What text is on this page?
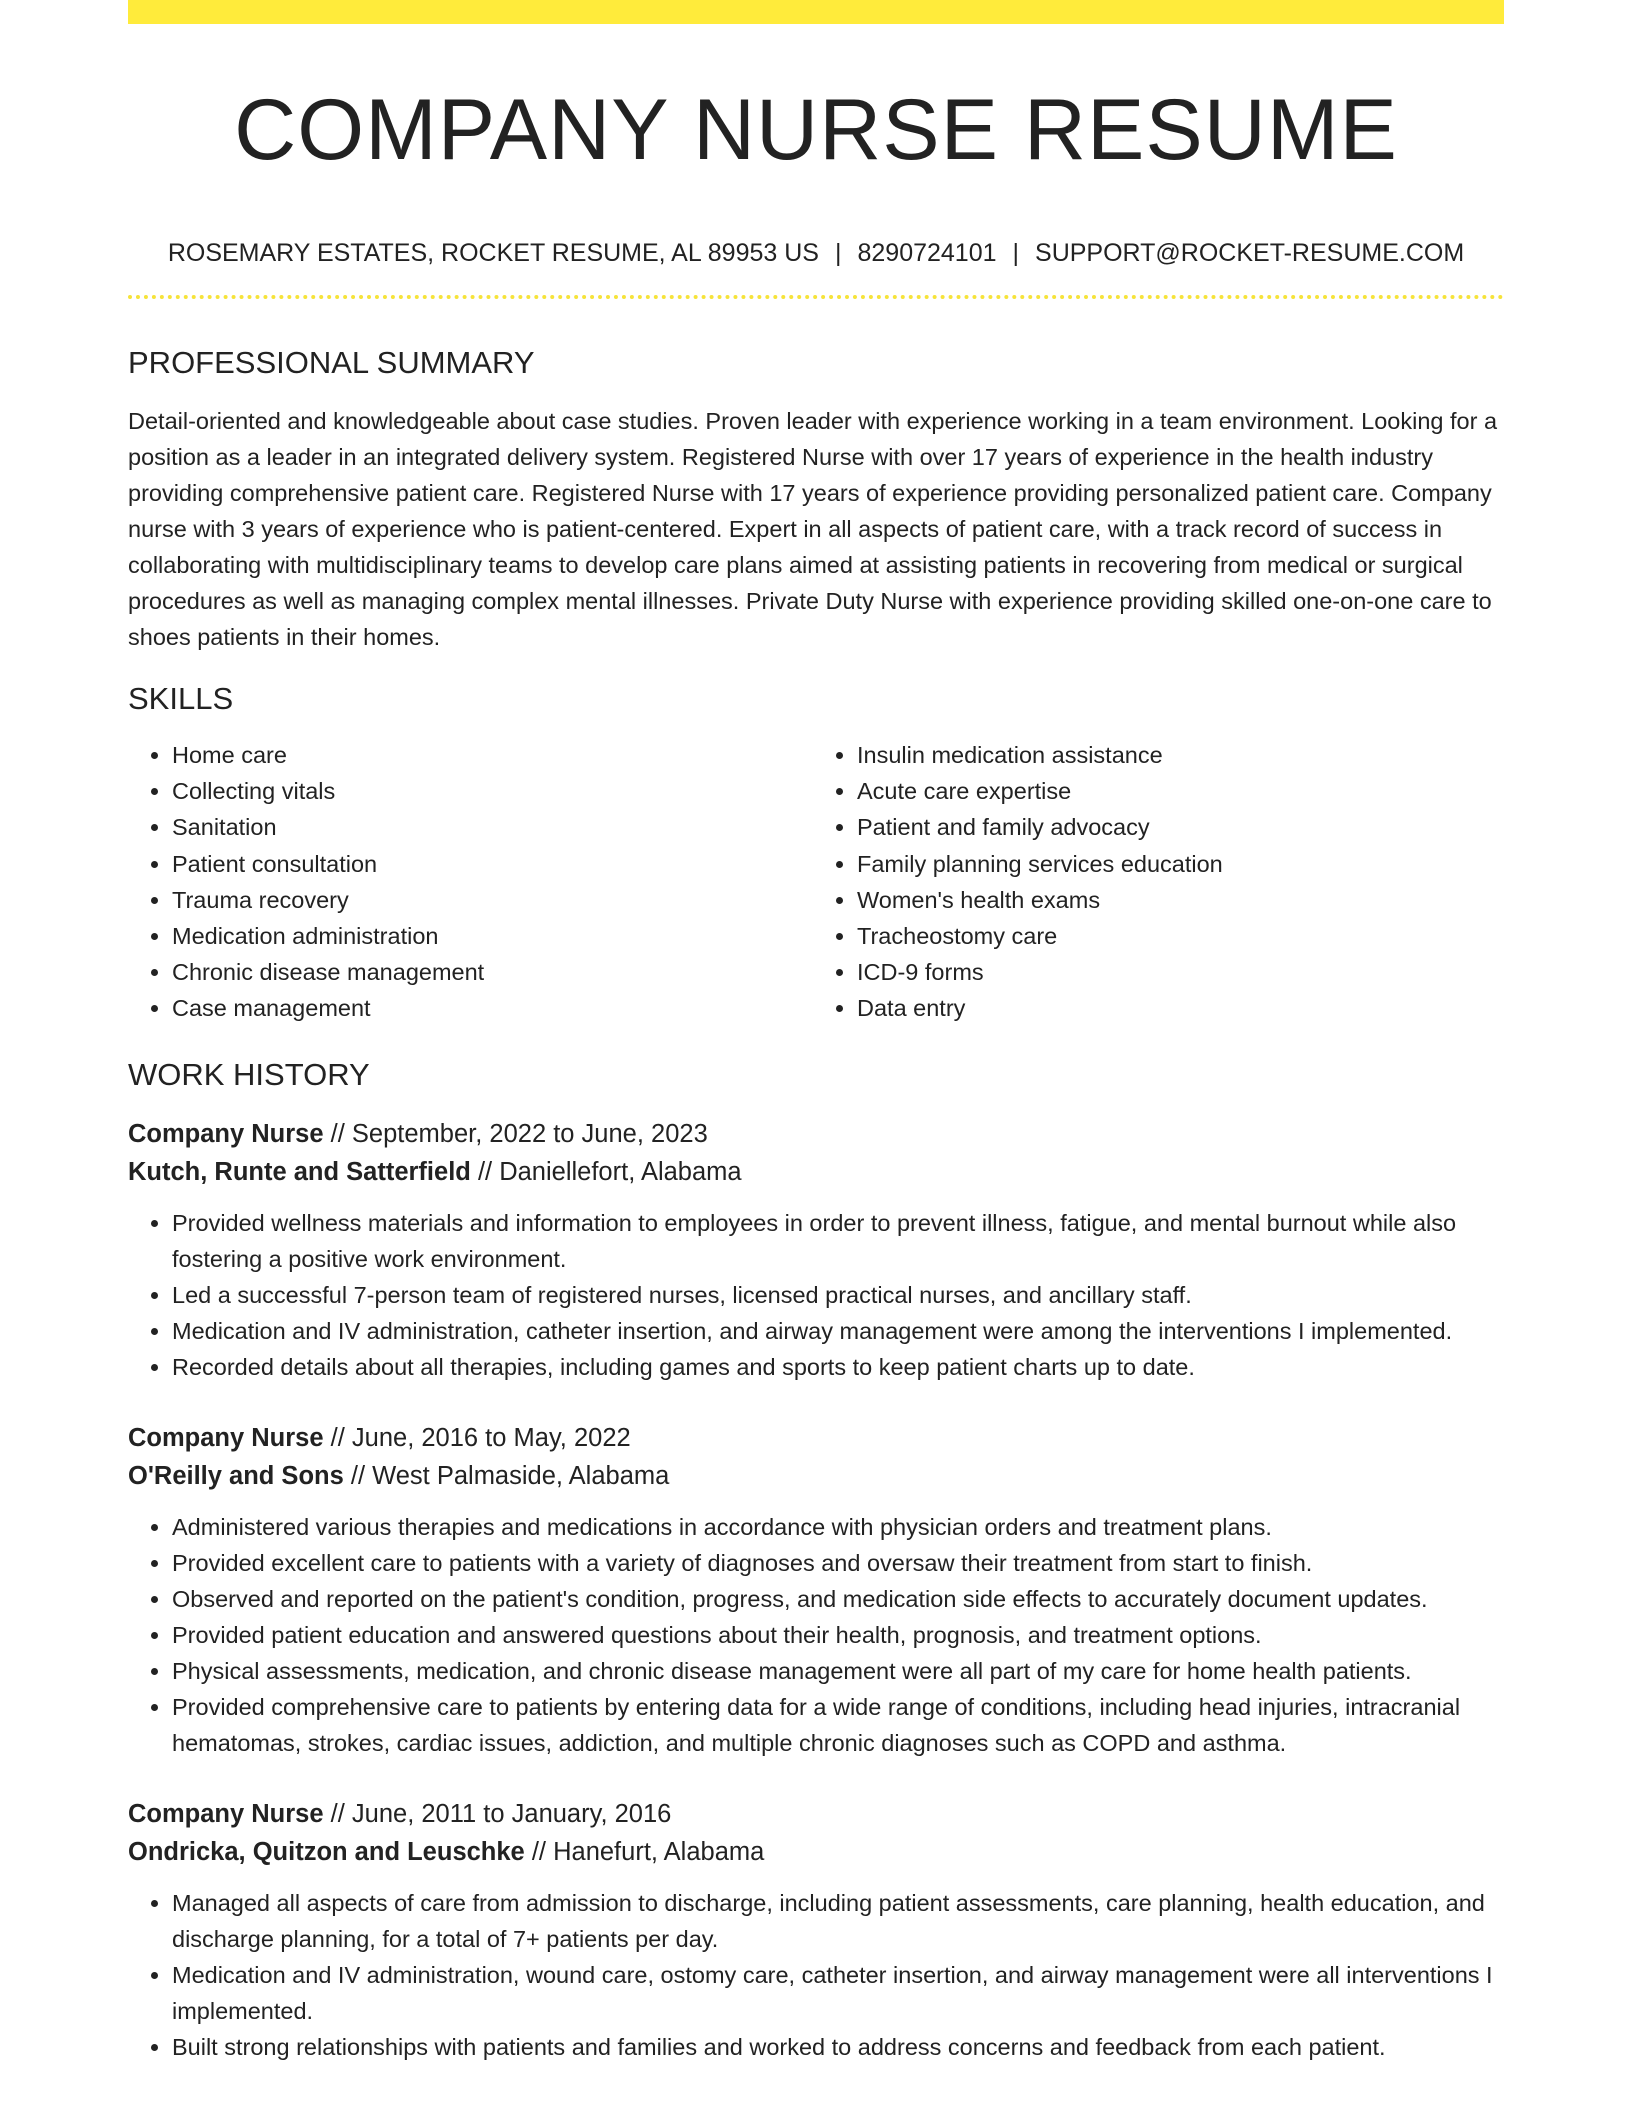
COMPANY NURSE RESUME
ROSEMARY ESTATES, ROCKET RESUME, AL 89953 US | 8290724101 | SUPPORT@ROCKET-RESUME.COM
PROFESSIONAL SUMMARY

Detail-oriented and knowledgeable about case studies. Proven leader with experience working in a team environment. Looking for a position as a leader in an integrated delivery system. Registered Nurse with over 17 years of experience in the health industry providing comprehensive patient care. Registered Nurse with 17 years of experience providing personalized patient care. Company nurse with 3 years of experience who is patient-centered. Expert in all aspects of patient care, with a track record of success in collaborating with multidisciplinary teams to develop care plans aimed at assisting patients in recovering from medical or surgical procedures as well as managing complex mental illnesses. Private Duty Nurse with experience providing skilled one-on-one care to shoes patients in their homes.

SKILLS
• Home care
• Collecting vitals
• Sanitation
• Patient consultation
• Trauma recovery
• Medication administration
• Chronic disease management
• Case management
• Insulin medication assistance
• Acute care expertise
• Patient and family advocacy
• Family planning services education
• Women's health exams
• Tracheostomy care
• ICD-9 forms
• Data entry
WORK HISTORY
Company Nurse // September, 2022 to June, 2023
Kutch, Runte and Satterfield // Daniellefort, Alabama
• Provided wellness materials and information to employees in order to prevent illness, fatigue, and mental burnout while also fostering a positive work environment.
• Led a successful 7-person team of registered nurses, licensed practical nurses, and ancillary staff.
• Medication and IV administration, catheter insertion, and airway management were among the interventions I implemented.
• Recorded details about all therapies, including games and sports to keep patient charts up to date.
Company Nurse // June, 2016 to May, 2022
O'Reilly and Sons // West Palmaside, Alabama
• Administered various therapies and medications in accordance with physician orders and treatment plans.
• Provided excellent care to patients with a variety of diagnoses and oversaw their treatment from start to finish.
• Observed and reported on the patient's condition, progress, and medication side effects to accurately document updates.
• Provided patient education and answered questions about their health, prognosis, and treatment options.
• Physical assessments, medication, and chronic disease management were all part of my care for home health patients.
• Provided comprehensive care to patients by entering data for a wide range of conditions, including head injuries, intracranial hematomas, strokes, cardiac issues, addiction, and multiple chronic diagnoses such as COPD and asthma.
Company Nurse // June, 2011 to January, 2016
Ondricka, Quitzon and Leuschke // Hanefurt, Alabama
• Managed all aspects of care from admission to discharge, including patient assessments, care planning, health education, and discharge planning, for a total of 7+ patients per day.
• Medication and IV administration, wound care, ostomy care, catheter insertion, and airway management were all interventions I implemented.
• Built strong relationships with patients and families and worked to address concerns and feedback from each patient.
